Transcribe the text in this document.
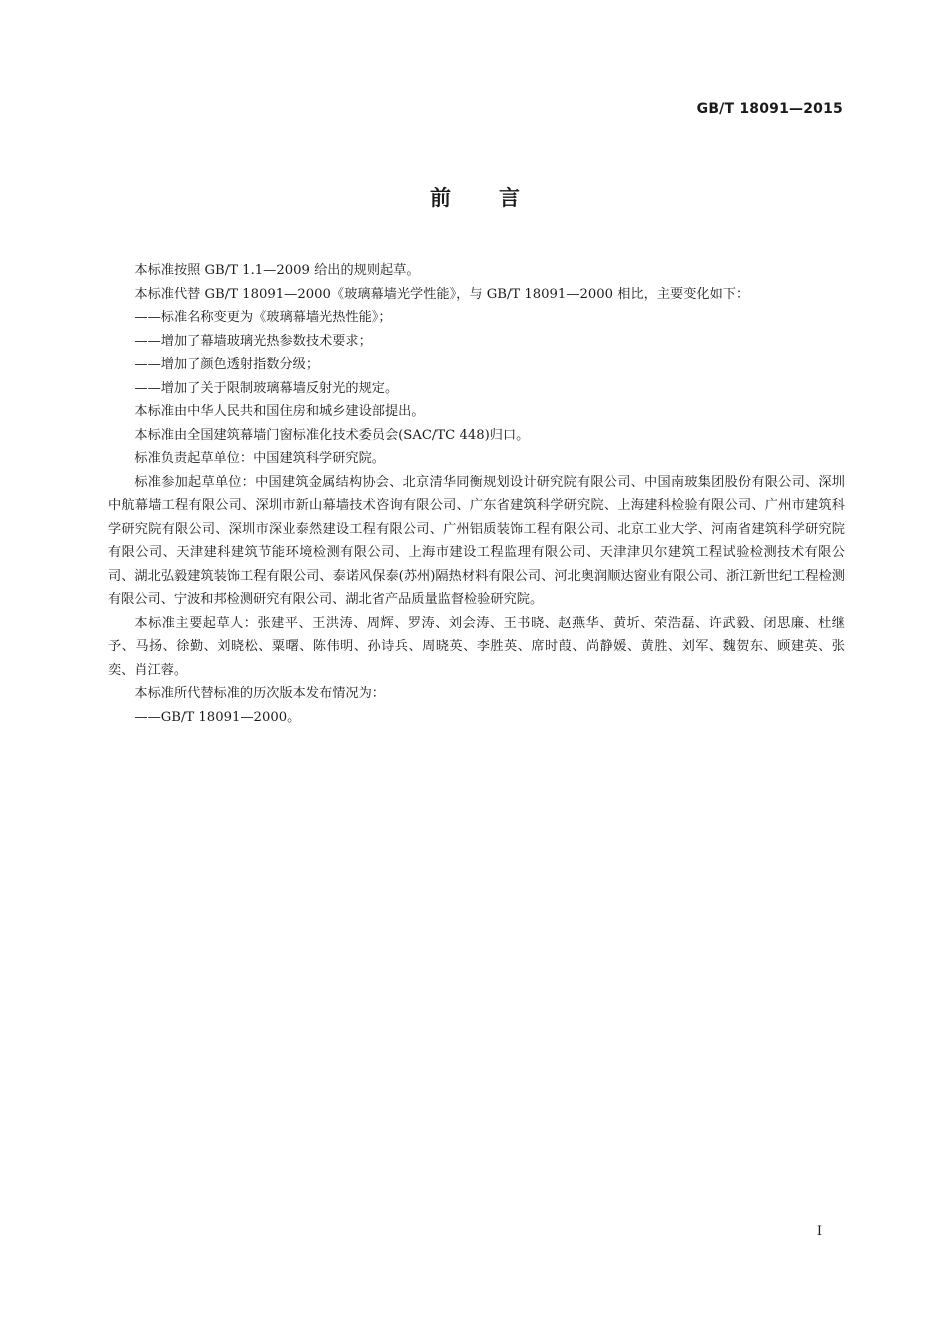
GB/T 18091—2015
前言

本标准按照 GB/T 1.1—2009 给出的规则起草。

本标准代替 GB/T 18091—2000《玻璃幕墙光学性能》，与 GB/T 18091—2000 相比，主要变化如下：

——标准名称变更为《玻璃幕墙光热性能》；

——增加了幕墙玻璃光热参数技术要求；

——增加了颜色透射指数分级；

——增加了关于限制玻璃幕墙反射光的规定。

本标准由中华人民共和国住房和城乡建设部提出。

本标准由全国建筑幕墙门窗标准化技术委员会(SAC/TC 448)归口。

标准负责起草单位：中国建筑科学研究院。

标准参加起草单位：中国建筑金属结构协会、北京清华同衡规划设计研究院有限公司、中国南玻集团股份有限公司、深圳中航幕墙工程有限公司、深圳市新山幕墙技术咨询有限公司、广东省建筑科学研究院、上海建科检验有限公司、广州市建筑科学研究院有限公司、深圳市深业泰然建设工程有限公司、广州铝质装饰工程有限公司、北京工业大学、河南省建筑科学研究院有限公司、天津建科建筑节能环境检测有限公司、上海市建设工程监理有限公司、天津津贝尔建筑工程试验检测技术有限公司、湖北弘毅建筑装饰工程有限公司、泰诺风保泰(苏州)隔热材料有限公司、河北奥润顺达窗业有限公司、浙江新世纪工程检测有限公司、宁波和邦检测研究有限公司、湖北省产品质量监督检验研究院。

本标准主要起草人：张建平、王洪涛、周辉、罗涛、刘会涛、王书晓、赵燕华、黄圻、荣浩磊、许武毅、闭思廉、杜继予、马扬、徐勤、刘晓松、粟曙、陈伟明、孙诗兵、周晓英、李胜英、席时葭、尚静媛、黄胜、刘军、魏贺东、顾建英、张奕、肖江蓉。

本标准所代替标准的历次版本发布情况为：

——GB/T 18091—2000。

I
